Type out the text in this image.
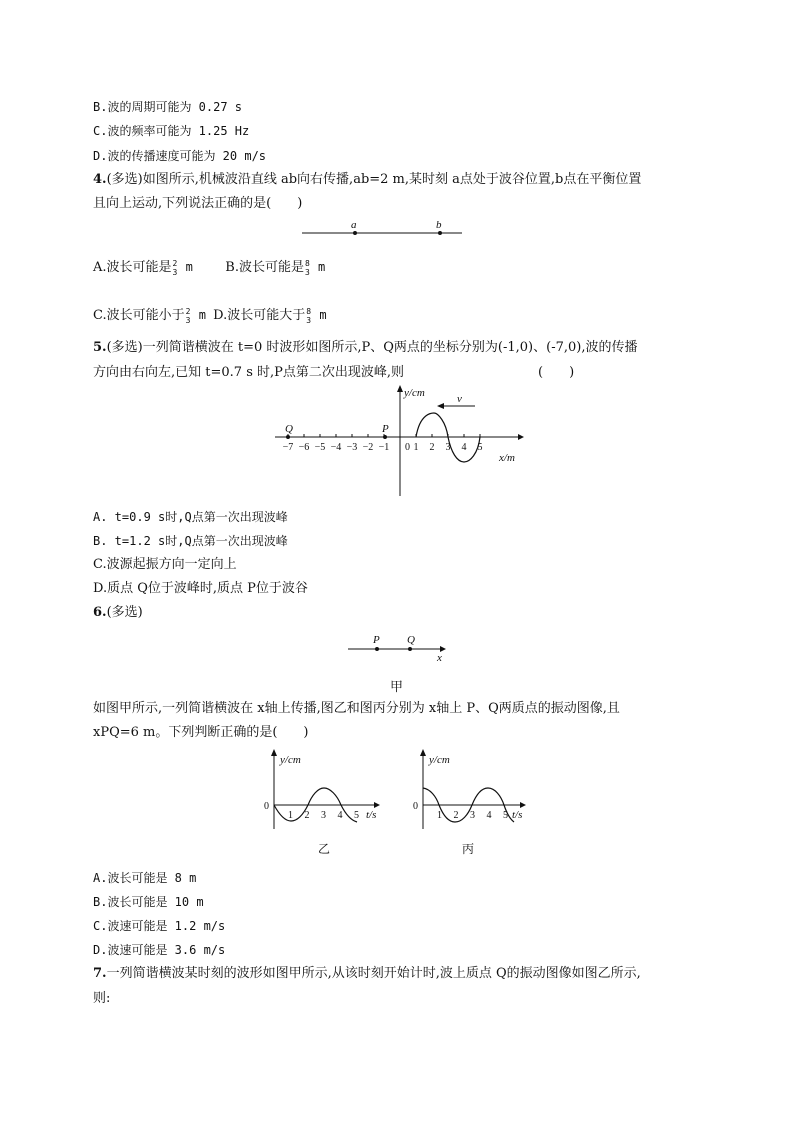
B.波的周期可能为 0.27 s
C.波的频率可能为 1.25 Hz
D.波的传播速度可能为 20 m/s
4.(多选)如图所示,机械波沿直线 ab向右传播,ab=2 m,某时刻 a点处于波谷位置,b点在平衡位置
且向上运动,下列说法正确的是(　　)
a	b
A.波长可能是 2
3 m B.波长可能是 8
3 m
C.波长可能小于 2
3 m D.波长可能大于 8
3 m
5.(多选)一列简谐横波在 t=0 时波形如图所示,P、Q两点的坐标分别为(-1,0)、(-7,0),波的传播
方向由右向左,已知 t=0.7 s 时,P点第二次出现波峰,则	(　　)
y/cm
x/m
v
Q	P
−7 −6 −5 −4 −3 −2 −1 0 1 2 3 4 5
A. t=0.9 s时,Q点第一次出现波峰
B. t=1.2 s时,Q点第一次出现波峰
C.波源起振方向一定向上
D.质点 Q位于波峰时,质点 P位于波谷
6.(多选)
P Q
x
甲
如图甲所示,一列简谐横波在 x轴上传播,图乙和图丙分别为 x轴上 P、Q两质点的振动图像,且
xPQ=6 m。下列判断正确的是(　　)
y/cm
t/s
0
1 2 3 4 5
乙
y/cm
t/s
0
1 2 3 4 5
丙
A.波长可能是 8 m
B.波长可能是 10 m
C.波速可能是 1.2 m/s
D.波速可能是 3.6 m/s
7.一列简谐横波某时刻的波形如图甲所示,从该时刻开始计时,波上质点 Q的振动图像如图乙所示,
则:
